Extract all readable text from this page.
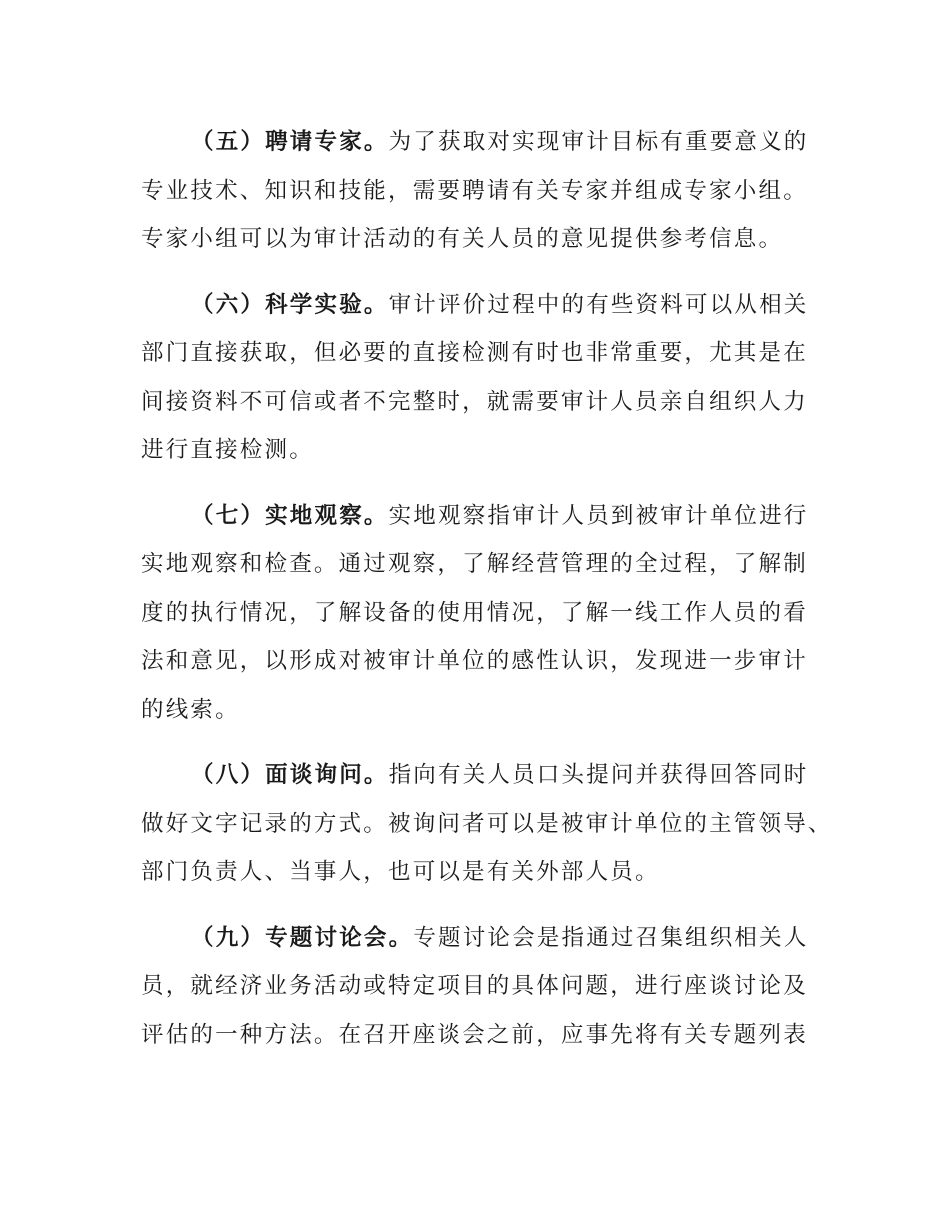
（五）聘请专家。为了获取对实现审计目标有重要意义的
专业技术、知识和技能，需要聘请有关专家并组成专家小组。
专家小组可以为审计活动的有关人员的意见提供参考信息。
（六）科学实验。审计评价过程中的有些资料可以从相关
部门直接获取，但必要的直接检测有时也非常重要，尤其是在
间接资料不可信或者不完整时，就需要审计人员亲自组织人力
进行直接检测。
（七）实地观察。实地观察指审计人员到被审计单位进行
实地观察和检查。通过观察，了解经营管理的全过程，了解制
度的执行情况，了解设备的使用情况，了解一线工作人员的看
法和意见，以形成对被审计单位的感性认识，发现进一步审计
的线索。
（八）面谈询问。指向有关人员口头提问并获得回答同时
做好文字记录的方式。被询问者可以是被审计单位的主管领导、
部门负责人、当事人，也可以是有关外部人员。
（九）专题讨论会。专题讨论会是指通过召集组织相关人
员，就经济业务活动或特定项目的具体问题，进行座谈讨论及
评估的一种方法。在召开座谈会之前，应事先将有关专题列表
